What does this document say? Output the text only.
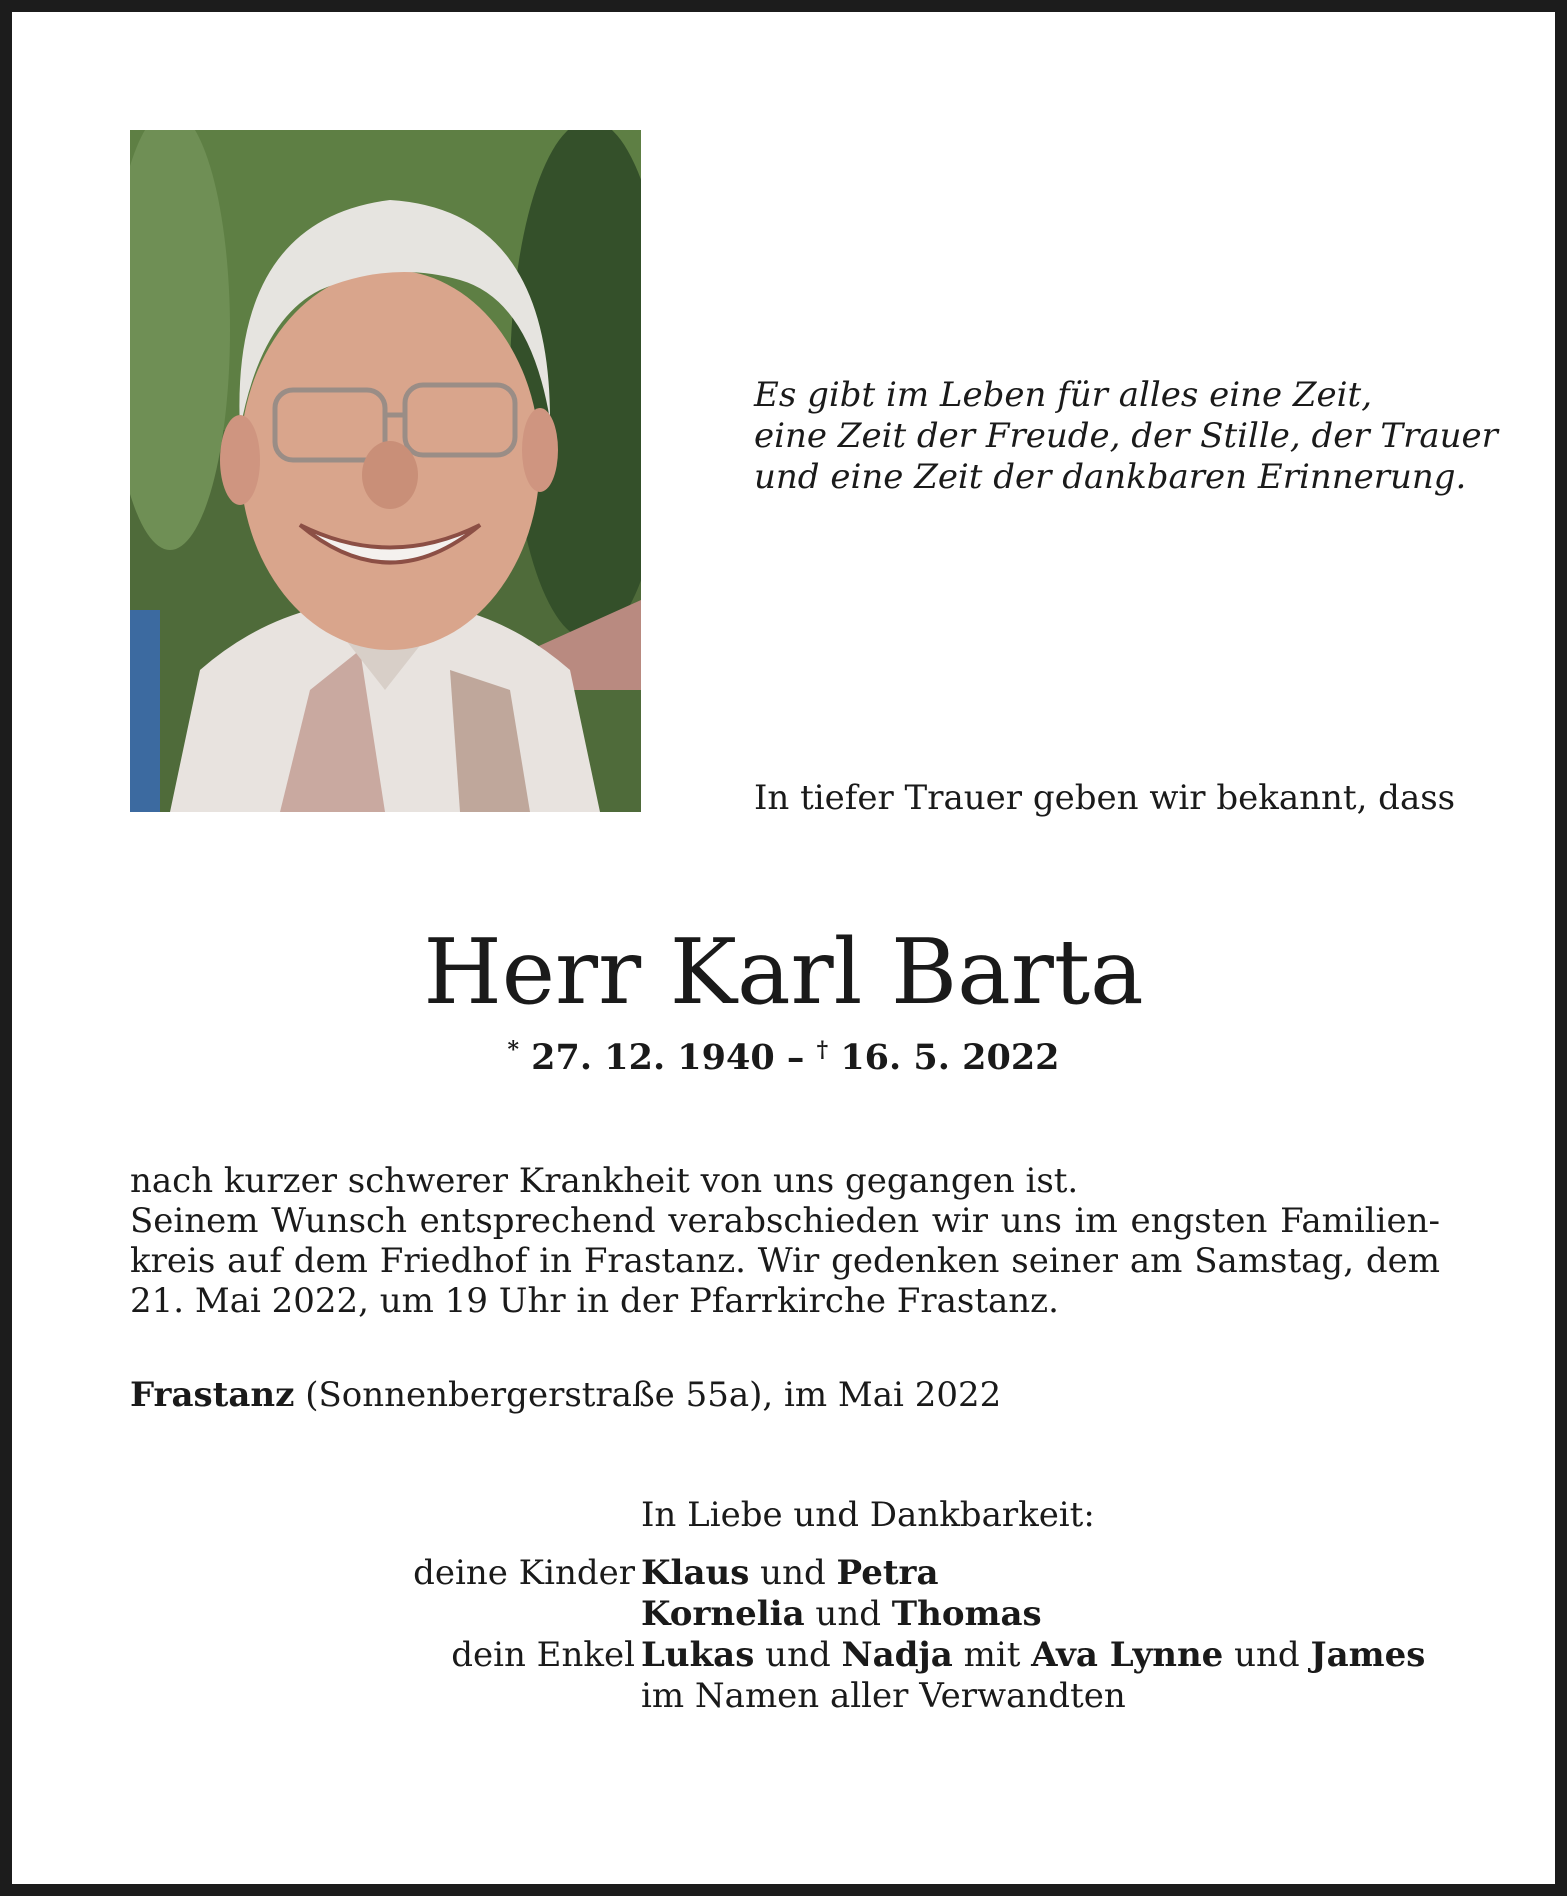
Es gibt im Leben für alles eine Zeit,
eine Zeit der Freude, der Stille, der Trauer
und eine Zeit der dankbaren Erinnerung.
In tiefer Trauer geben wir bekannt, dass
Herr Karl Barta
* 27. 12. 1940 – † 16. 5. 2022
nach kurzer schwerer Krankheit von uns gegangen ist.
Seinem Wunsch entsprechend verabschieden wir uns im engsten Familien-
kreis auf dem Friedhof in Frastanz. Wir gedenken seiner am Samstag, dem
21. Mai 2022, um 19 Uhr in der Pfarrkirche Frastanz.
Frastanz (Sonnenbergerstraße 55a), im Mai 2022
In Liebe und Dankbarkeit:
deine Kinder Klaus und Petra
Kornelia und Thomas
dein Enkel Lukas und Nadja mit Ava Lynne und James
im Namen aller Verwandten
